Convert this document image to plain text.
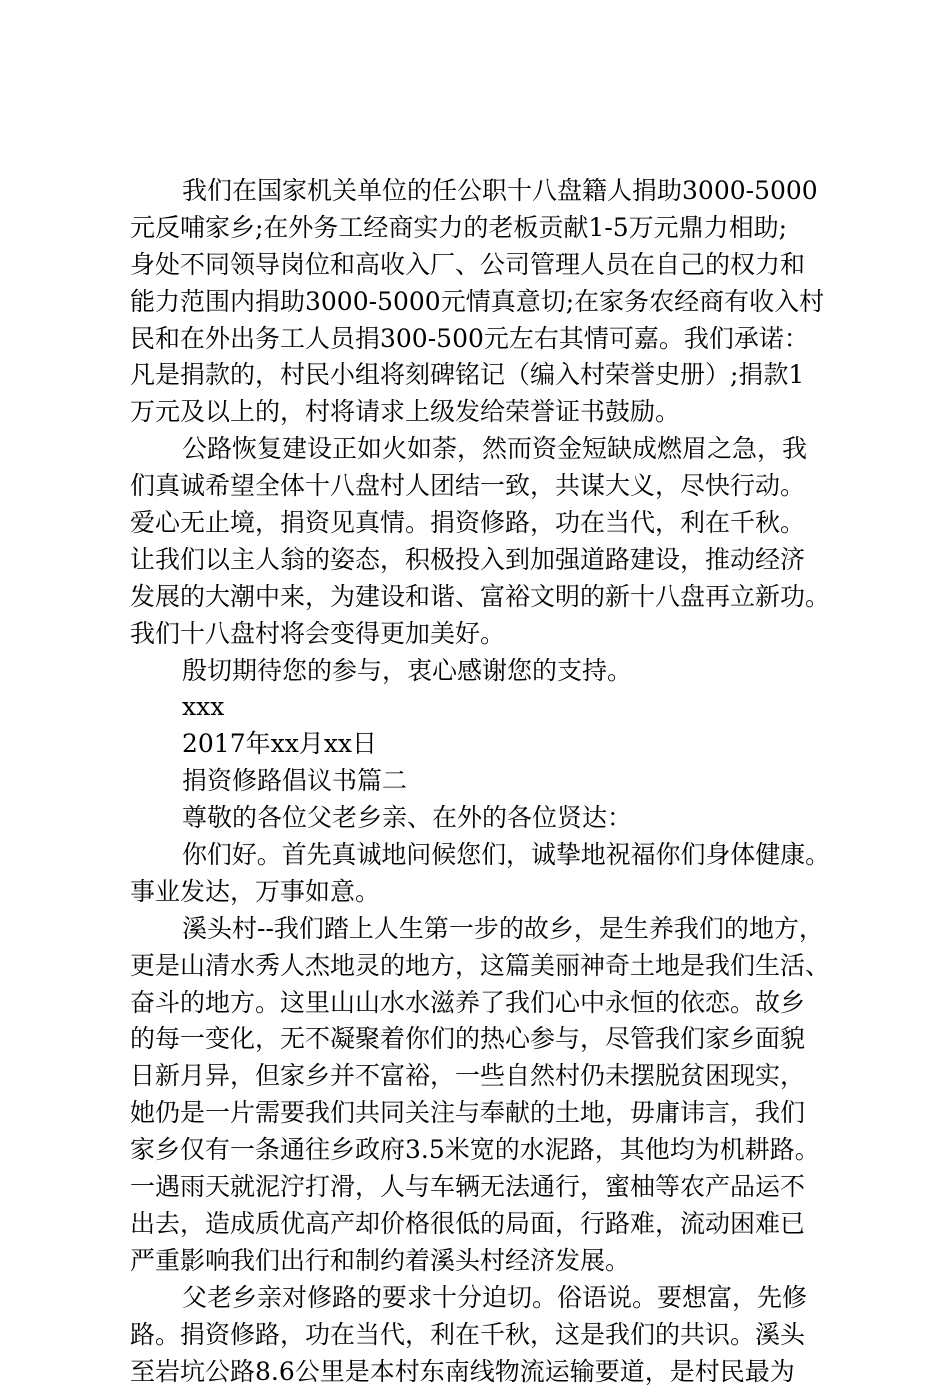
我们在国家机关单位的任公职十八盘籍人捐助3000-5000
元反哺家乡;在外务工经商实力的老板贡献1-5万元鼎力相助;
身处不同领导岗位和高收入厂、公司管理人员在自己的权力和
能力范围内捐助3000-5000元情真意切;在家务农经商有收入村
民和在外出务工人员捐300-500元左右其情可嘉。我们承诺：
凡是捐款的，村民小组将刻碑铭记（编入村荣誉史册）;捐款1
万元及以上的，村将请求上级发给荣誉证书鼓励。
公路恢复建设正如火如荼，然而资金短缺成燃眉之急，我
们真诚希望全体十八盘村人团结一致，共谋大义，尽快行动。
爱心无止境，捐资见真情。捐资修路，功在当代，利在千秋。
让我们以主人翁的姿态，积极投入到加强道路建设，推动经济
发展的大潮中来，为建设和谐、富裕文明的新十八盘再立新功。
我们十八盘村将会变得更加美好。
殷切期待您的参与，衷心感谢您的支持。
xxx
2017年xx月xx日
捐资修路倡议书篇二
尊敬的各位父老乡亲、在外的各位贤达：
你们好。首先真诚地问候您们，诚挚地祝福你们身体健康。
事业发达，万事如意。
溪头村--我们踏上人生第一步的故乡，是生养我们的地方，
更是山清水秀人杰地灵的地方，这篇美丽神奇土地是我们生活、
奋斗的地方。这里山山水水滋养了我们心中永恒的依恋。故乡
的每一变化，无不凝聚着你们的热心参与，尽管我们家乡面貌
日新月异，但家乡并不富裕，一些自然村仍未摆脱贫困现实，
她仍是一片需要我们共同关注与奉献的土地，毋庸讳言，我们
家乡仅有一条通往乡政府3.5米宽的水泥路，其他均为机耕路。
一遇雨天就泥泞打滑，人与车辆无法通行，蜜柚等农产品运不
出去，造成质优高产却价格很低的局面，行路难，流动困难已
严重影响我们出行和制约着溪头村经济发展。
父老乡亲对修路的要求十分迫切。俗语说。要想富，先修
路。捐资修路，功在当代，利在千秋，这是我们的共识。溪头
至岩坑公路8.6公里是本村东南线物流运输要道，是村民最为
